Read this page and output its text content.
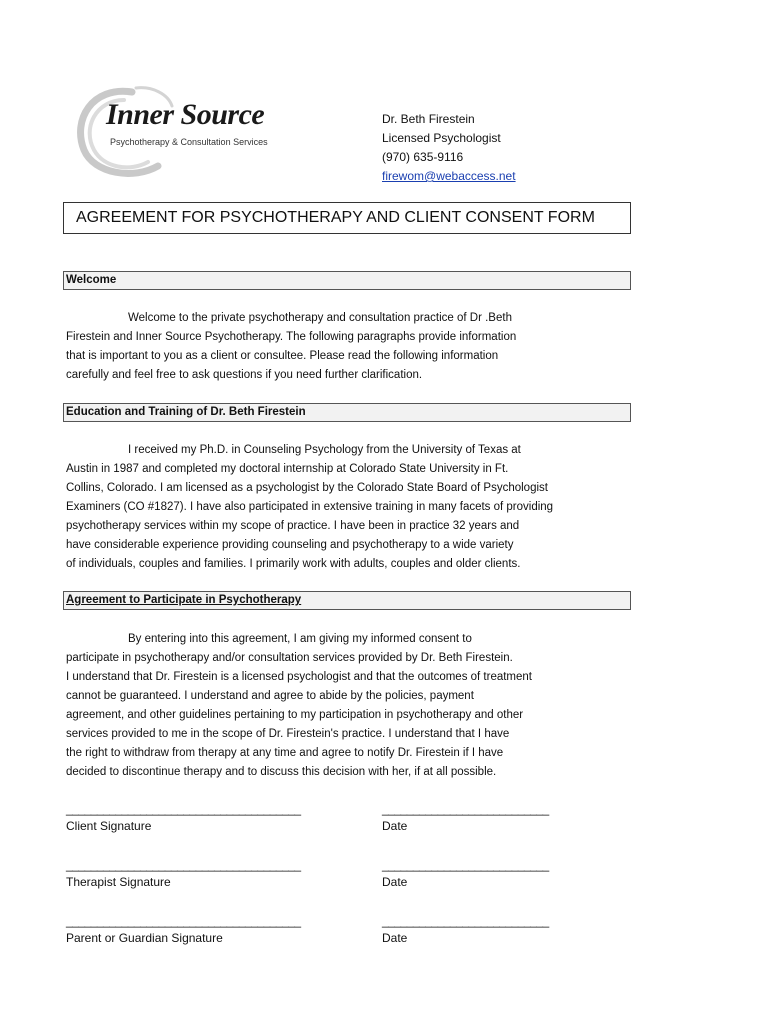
Inner Source
Psychotherapy & Consultation Services
Dr. Beth Firestein
Licensed Psychologist
(970) 635-9116
firewom@webaccess.net
AGREEMENT FOR PSYCHOTHERAPY AND CLIENT CONSENT FORM
Welcome
Welcome to the private psychotherapy and consultation practice of Dr .Beth
Firestein and Inner Source Psychotherapy. The following paragraphs provide information
that is important to you as a client or consultee. Please read the following information
carefully and feel free to ask questions if you need further clarification.
Education and Training of Dr. Beth Firestein
I received my Ph.D. in Counseling Psychology from the University of Texas at
Austin in 1987 and completed my doctoral internship at Colorado State University in Ft.
Collins, Colorado. I am licensed as a psychologist by the Colorado State Board of Psychologist
Examiners (CO #1827). I have also participated in extensive training in many facets of providing
psychotherapy services within my scope of practice. I have been in practice 32 years and
have considerable experience providing counseling and psychotherapy to a wide variety
of individuals, couples and families. I primarily work with adults, couples and older clients.
Agreement to Participate in Psychotherapy
By entering into this agreement, I am giving my informed consent to
participate in psychotherapy and/or consultation services provided by Dr. Beth Firestein.
I understand that Dr. Firestein is a licensed psychologist and that the outcomes of treatment
cannot be guaranteed. I understand and agree to abide by the policies, payment
agreement, and other guidelines pertaining to my participation in psychotherapy and other
services provided to me in the scope of Dr. Firestein's practice. I understand that I have
the right to withdraw from therapy at any time and agree to notify Dr. Firestein if I have
decided to discontinue therapy and to discuss this decision with her, if at all possible.
______________________________________	___________________________
Client Signature	Date
______________________________________	___________________________
Therapist Signature	Date
______________________________________	___________________________
Parent or Guardian Signature	Date
